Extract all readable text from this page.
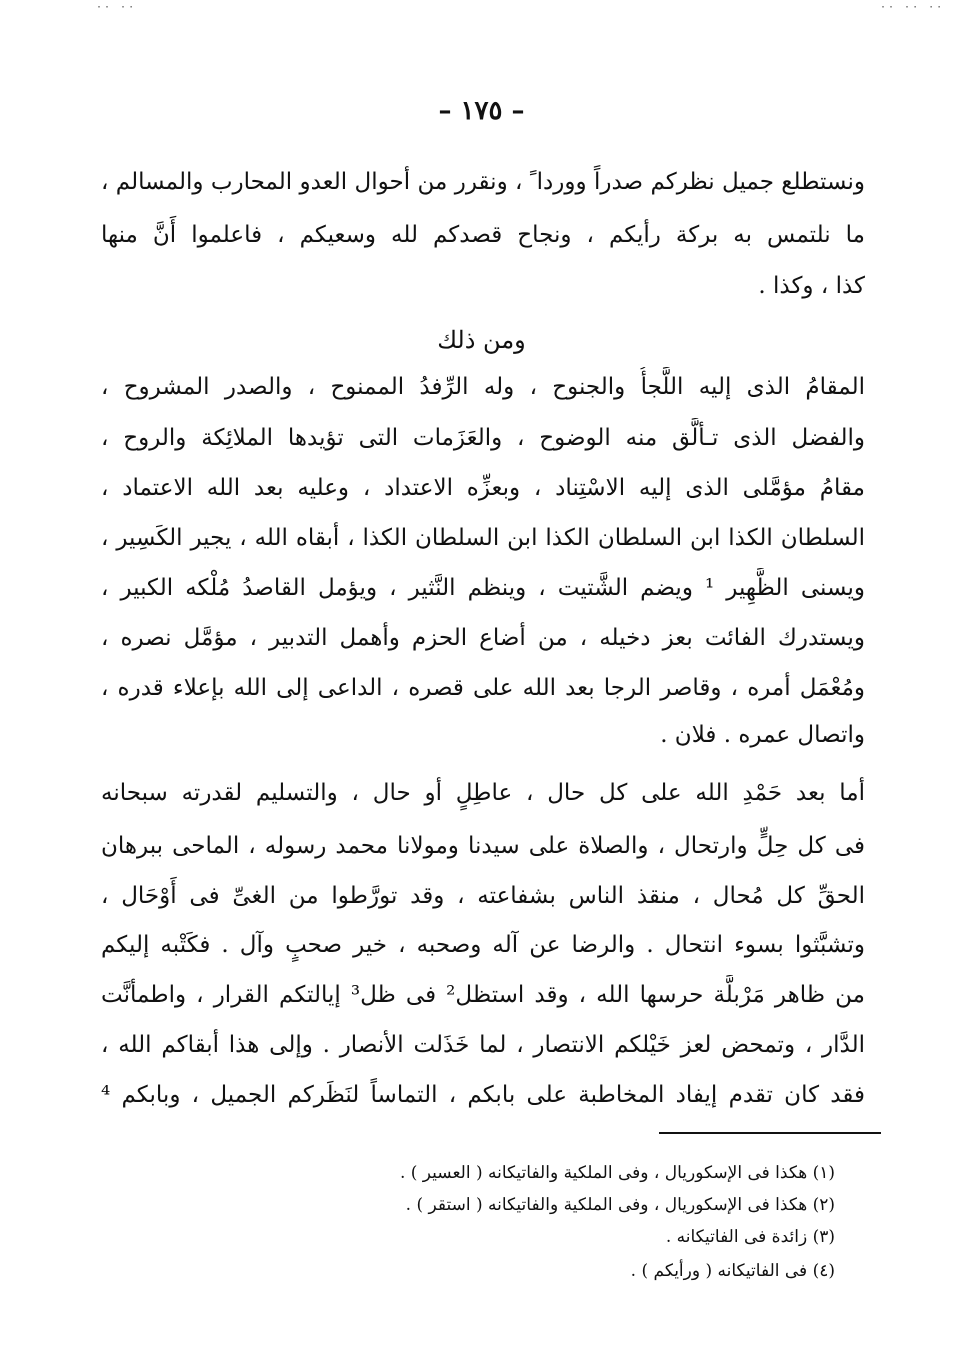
·· ··	·· ·· ··
– ١٧٥ –
ونستطلع جميل نظركم صدراً ووردا ً ، ونقرر من أحوال العدو المحارب والمسالم ،
ما نلتمس به بركة رأيكم ، ونجاح قصدكم لله وسعيكم ، فاعلموا أَنَّ منها
كذا ، وكذا .
ومن ذلك
المقامُ الذى إليه اللَّجأُ والجنوح ، وله الرِّفدُ الممنوح ، والصدر المشروح ،
والفضل الذى تـألَّق منه الوضوح ، والعَزَمات التى تؤيدها الملائِكة والروح ،
مقامُ مؤمَّلى الذى إليه الاسْتِناد ، وبعزِّه الاعتداد ، وعليه بعد الله الاعتماد ،
السلطان الكذا ابن السلطان الكذا ابن السلطان الكذا ، أبقاه الله ، يجير الكَسِير ،
ويسنى الظَّهِير ¹ ويضم الشَّتيت ، وينظم النَّثير ، ويؤمل القاصدُ مُلْكه الكبير ،
ويستدرك الفائت بعز دخيله ، من أضاع الحزم وأهمل التدبير ، مؤمَّل نصره ،
ومُعْمَل أمره ، وقاصر الرجا بعد الله على قصره ، الداعى إلى الله بإعلاء قدره ،
واتصال عمره . فلان .
أما بعد حَمْدِ الله على كل حال ، عاطِلٍ أو حال ، والتسليم لقدرته سبحانه
فى كل حِلٍّ وارتحال ، والصلاة على سيدنا ومولانا محمد رسوله ، الماحى ببرهان
الحقِّ كل مُحال ، منقذ الناس بشفاعته ، وقد تورَّطوا من الغىِّ فى أَوْحَال ،
وتشبَّثوا بسوء انتحال . والرضا عن آله وصحبه ، خير صحبٍ وآل . فكَتْبه إليكم
من ظاهر مَرْبلَّة حرسها الله ، وقد استظل² فى ظل³ إيالتكم القرار ، واطمأنَّت
الدَّار ، وتمحض لعز خَيْلكم الانتصار ، لما خَذَلت الأنصار . وإلى هذا أبقاكم الله ،
فقد كان تقدم إيفاد المخاطبة على بابكم ، التماساً لنَظَركم الجميل ، وبابكم ⁴
(١) هكذا فى الإسكوريال ، وفى الملكية والفاتيكانه ( العسير ) .
(٢) هكذا فى الإسكوريال ، وفى الملكية والفاتيكانه ( استقر ) .
(٣) زائدة فى الفاتيكانه .
(٤) فى الفاتيكانه ( ورأيكم ) .
